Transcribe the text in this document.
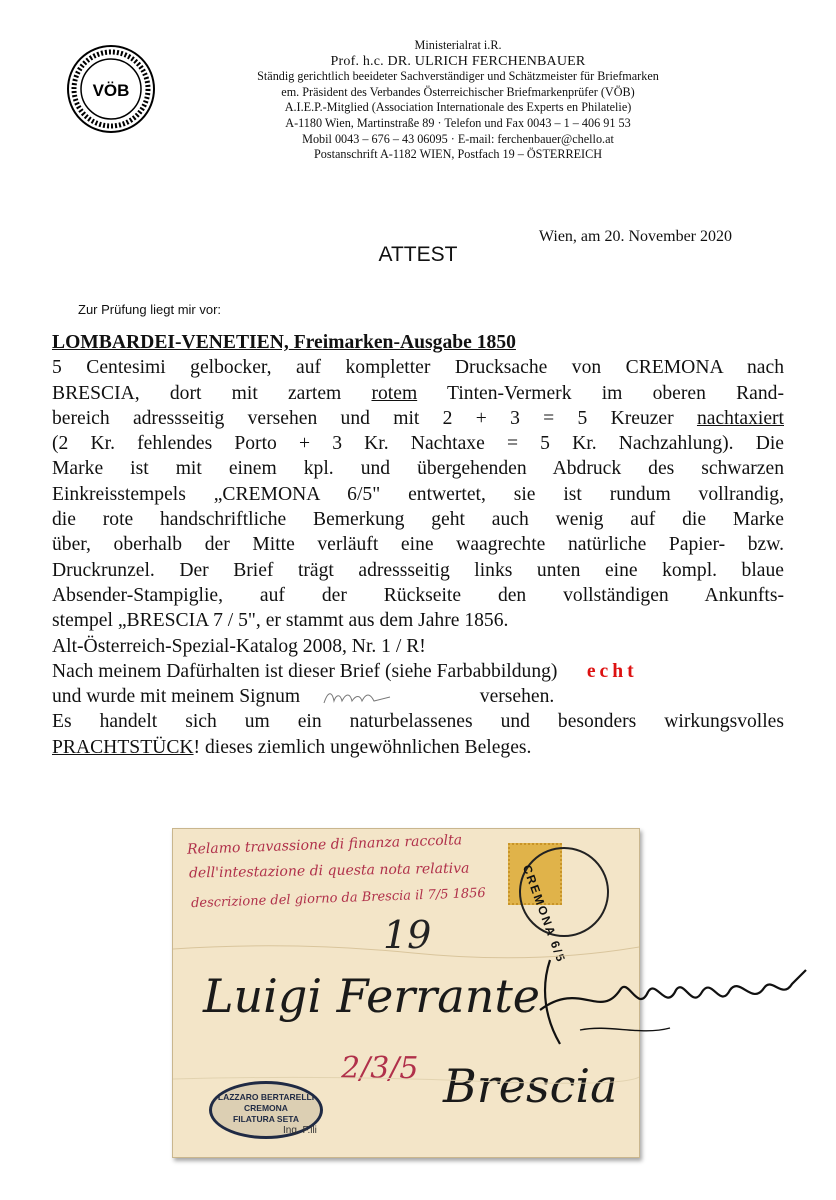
VÖB
Ministerialrat i.R.
Prof. h.c. DR. ULRICH FERCHENBAUER
Ständig gerichtlich beeideter Sachverständiger und Schätzmeister für Briefmarken
em. Präsident des Verbandes Österreichischer Briefmarkenprüfer (VÖB)
A.I.E.P.-Mitglied (Association Internationale des Experts en Philatelie)
A-1180 Wien, Martinstraße 89 · Telefon und Fax 0043 – 1 – 406 91 53
Mobil 0043 – 676 – 43 06095 · E-mail: ferchenbauer@chello.at
Postanschrift A-1182 WIEN, Postfach 19 – ÖSTERREICH
Wien, am 20. November 2020
ATTEST
Zur Prüfung liegt mir vor:
LOMBARDEI-VENETIEN, Freimarken-Ausgabe 1850
5 Centesimi gelbocker, auf kompletter Drucksache von CREMONA nach
BRESCIA, dort mit zartem rotem Tinten-Vermerk im oberen Rand-
bereich adressseitig versehen und mit 2 + 3 = 5 Kreuzer nachtaxiert
(2 Kr. fehlendes Porto + 3 Kr. Nachtaxe = 5 Kr. Nachzahlung). Die
Marke ist mit einem kpl. und übergehenden Abdruck des schwarzen
Einkreisstempels „CREMONA 6/5" entwertet, sie ist rundum vollrandig,
die rote handschriftliche Bemerkung geht auch wenig auf die Marke
über, oberhalb der Mitte verläuft eine waagrechte natürliche Papier- bzw.
Druckrunzel. Der Brief trägt adressseitig links unten eine kompl. blaue
Absender-Stampiglie, auf der Rückseite den vollständigen Ankunfts-
stempel „BRESCIA 7 / 5", er stammt aus dem Jahre 1856.
Alt-Österreich-Spezial-Katalog 2008, Nr. 1 / R!
Nach meinem Dafürhalten ist dieser Brief (siehe Farbabbildung) echt
und wurde mit meinem Signum	versehen.
Es handelt sich um ein naturbelassenes und besonders wirkungsvolles
PRACHTSTÜCK! dieses ziemlich ungewöhnlichen Beleges.
Relamo travassione di finanza raccolta
dell'intestazione di questa nota relativa
descrizione del giorno da Brescia il 7/5 1856	CREMONA 6/5
19
Luigi Ferrante
2/3/5 Brescia
LAZZARO BERTARELLI
CREMONA
FILATURA SETA
Ing. F.lli
